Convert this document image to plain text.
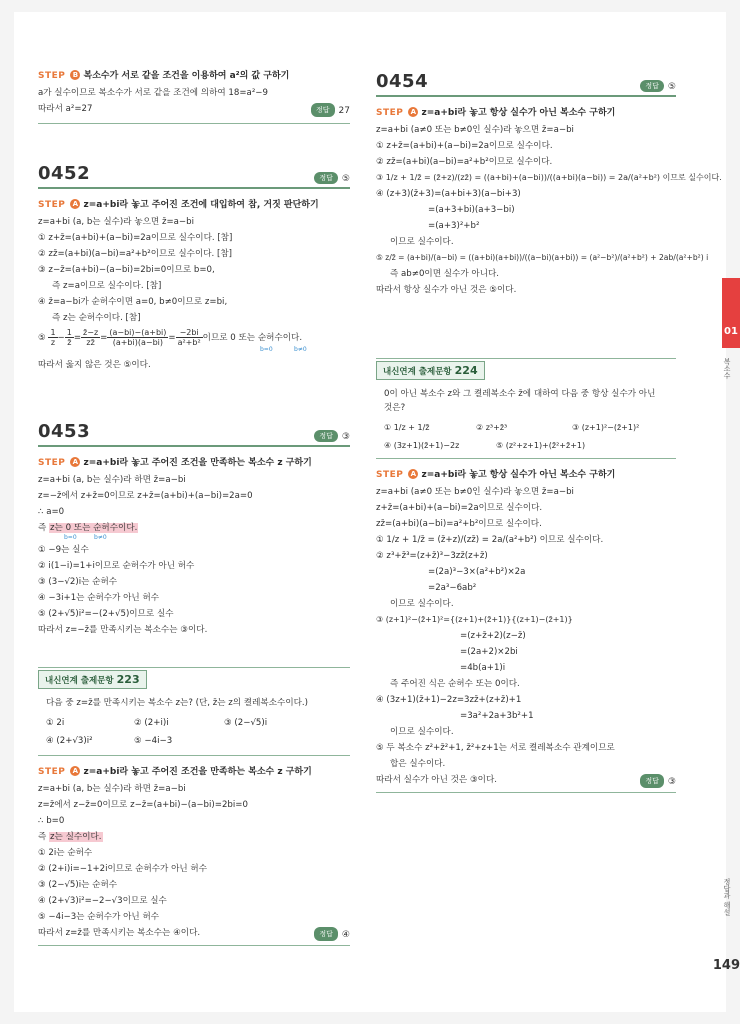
STEP B 복소수가 서로 같을 조건을 이용하여 a²의 값 구하기
a가 실수이므로 복소수가 서로 같을 조건에 의하여 18=a²−9
따라서 a²=27	정답 27
0452	정답 ⑤
STEP A z=a+bi라 놓고 주어진 조건에 대입하여 참, 거짓 판단하기
z=a+bi (a, b는 실수)라 놓으면 z̄=a−bi
① z+z̄=(a+bi)+(a−bi)=2a이므로 실수이다. [참]
② zz̄=(a+bi)(a−bi)=a²+b²이므로 실수이다. [참]
③ z−z̄=(a+bi)−(a−bi)=2bi=0이므로 b=0,
즉 z=a이므로 실수이다. [참]
④ z̄=a−bi가 순허수이면 a=0, b≠0이므로 z=bi,
즉 z는 순허수이다. [참]
⑤
$\frac{1}{z} - \frac{1}{z̄} = \frac{z̄-z}{zz̄} = \frac{(a-bi)-(a+bi)}{(a+bi)(a-bi)} = \frac{-2bi}{\text{a²+b²}}$ 이므로 0 또는 순허수이다.
b=0	b≠0
따라서 옳지 않은 것은 ⑤이다.
0453	정답 ③
STEP A z=a+bi라 놓고 주어진 조건을 만족하는 복소수 z 구하기
z=a+bi (a, b는 실수)라 하면 z̄=a−bi
z=−z̄에서 z+z̄=0이므로 z+z̄=(a+bi)+(a−bi)=2a=0
∴ a=0
즉 z는 0 또는 순허수이다.
b=0	b≠0
① −9는 실수
② i(1−i)=1+i이므로 순허수가 아닌 허수
③ (3−√2)i는 순허수
④ −3i+1는 순허수가 아닌 허수
⑤ (2+√5)i²=−(2+√5)이므로 실수
따라서 z=−z̄를 만족시키는 복소수는 ③이다.
내신연계 출제문항 223
다음 중 z=z̄를 만족시키는 복소수 z는? (단, z̄는 z의 켤레복소수이다.)
① 2i	② (2+i)i	③ (2−√5)i
④ (2+√3)i²	⑤ −4i−3
STEP A z=a+bi라 놓고 주어진 조건을 만족하는 복소수 z 구하기
z=a+bi (a, b는 실수)라 하면 z̄=a−bi
z=z̄에서 z−z̄=0이므로 z−z̄=(a+bi)−(a−bi)=2bi=0
∴ b=0
즉 z는 실수이다.
① 2i는 순허수
② (2+i)i=−1+2i이므로 순허수가 아닌 허수
③ (2−√5)i는 순허수
④ (2+√3)i²=−2−√3이므로 실수
⑤ −4i−3는 순허수가 아닌 허수
따라서 z=z̄를 만족시키는 복소수는 ④이다.	정답 ④
0454	정답 ⑤
STEP A z=a+bi라 놓고 항상 실수가 아닌 복소수 구하기
z=a+bi (a≠0 또는 b≠0인 실수)라 놓으면 z̄=a−bi
① z+z̄=(a+bi)+(a−bi)=2a이므로 실수이다.
② zz̄=(a+bi)(a−bi)=a²+b²이므로 실수이다.
③ 1/z + 1/z̄ = (z̄+z)/(zz̄) = ((a+bi)+(a−bi))/((a+bi)(a−bi)) = 2a/(a²+b²) 이므로 실수이다.
④ (z+3)(z̄+3)=(a+bi+3)(a−bi+3)
=(a+3+bi)(a+3−bi)
=(a+3)²+b²
이므로 실수이다.
⑤ z/z̄ = (a+bi)/(a−bi) = ((a+bi)(a+bi))/((a−bi)(a+bi)) = (a²−b²)/(a²+b²) + 2ab/(a²+b²) i
즉 ab≠0이면 실수가 아니다.
따라서 항상 실수가 아닌 것은 ⑤이다.
내신연계 출제문항 224
0이 아닌 복소수 z와 그 켤레복소수 z̄에 대하여 다음 중 항상 실수가 아닌
것은?
① 1/z + 1/z̄	② z³+z̄³	③ (z+1)²−(z̄+1)²
④ (3z+1)(z̄+1)−2z	⑤ (z²+z+1)+(z̄²+z̄+1)
STEP A z=a+bi라 놓고 항상 실수가 아닌 복소수 구하기
z=a+bi (a≠0 또는 b≠0인 실수)라 놓으면 z̄=a−bi
z+z̄=(a+bi)+(a−bi)=2a이므로 실수이다.
zz̄=(a+bi)(a−bi)=a²+b²이므로 실수이다.
① 1/z + 1/z̄ = (z̄+z)/(zz̄) = 2a/(a²+b²) 이므로 실수이다.
② z³+z̄³=(z+z̄)³−3zz̄(z+z̄)
=(2a)³−3×(a²+b²)×2a
=2a³−6ab²
이므로 실수이다.
③ (z+1)²−(z̄+1)²={(z+1)+(z̄+1)}{(z+1)−(z̄+1)}
=(z+z̄+2)(z−z̄)
=(2a+2)×2bi
=4b(a+1)i
즉 주어진 식은 순허수 또는 0이다.
④ (3z+1)(z̄+1)−2z=3zz̄+(z+z̄)+1
=3a²+2a+3b²+1
이므로 실수이다.
⑤ 두 복소수 z²+z̄²+1, z̄²+z+1는 서로 켤레복소수 관계이므로
합은 실수이다.
따라서 실수가 아닌 것은 ③이다.	정답 ③
01
복소수
정답과 해설
149
